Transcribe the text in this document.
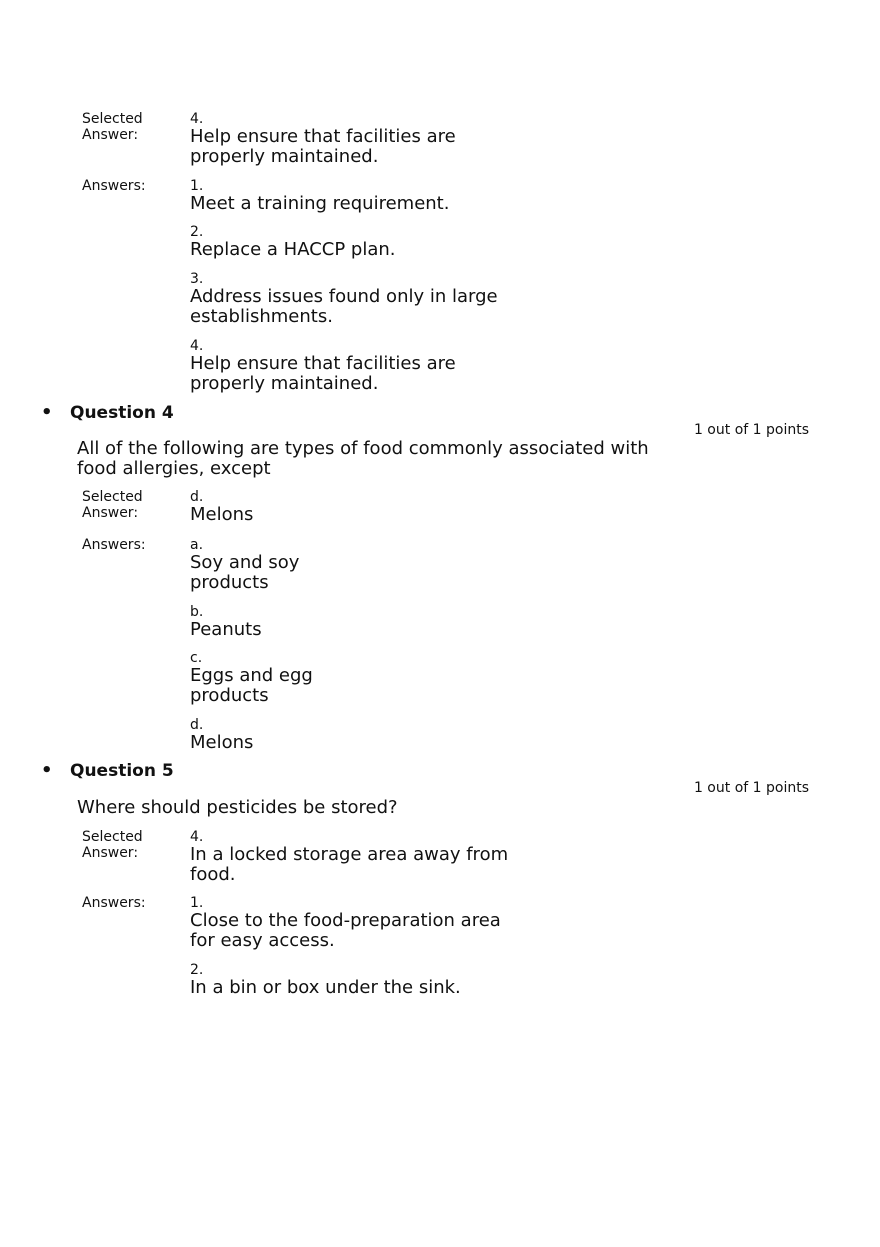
Selected Answer:
4.
Help ensure that facilities are properly maintained.
Answers:	1.
Meet a training requirement.
2.
Replace a HACCP plan.
3.
Address issues found only in large establishments.
4.
Help ensure that facilities are properly maintained.
• Question 4
1 out of 1 points
All of the following are types of food commonly associated with food allergies, except
Selected Answer:
d.
Melons
Answers:	a.
Soy and soy products
b.
Peanuts
c.
Eggs and egg products
d.
Melons
• Question 5
1 out of 1 points
Where should pesticides be stored?
Selected Answer:
4.
In a locked storage area away from food.
Answers:	1.
Close to the food-preparation area for easy access.
2.
In a bin or box under the sink.
